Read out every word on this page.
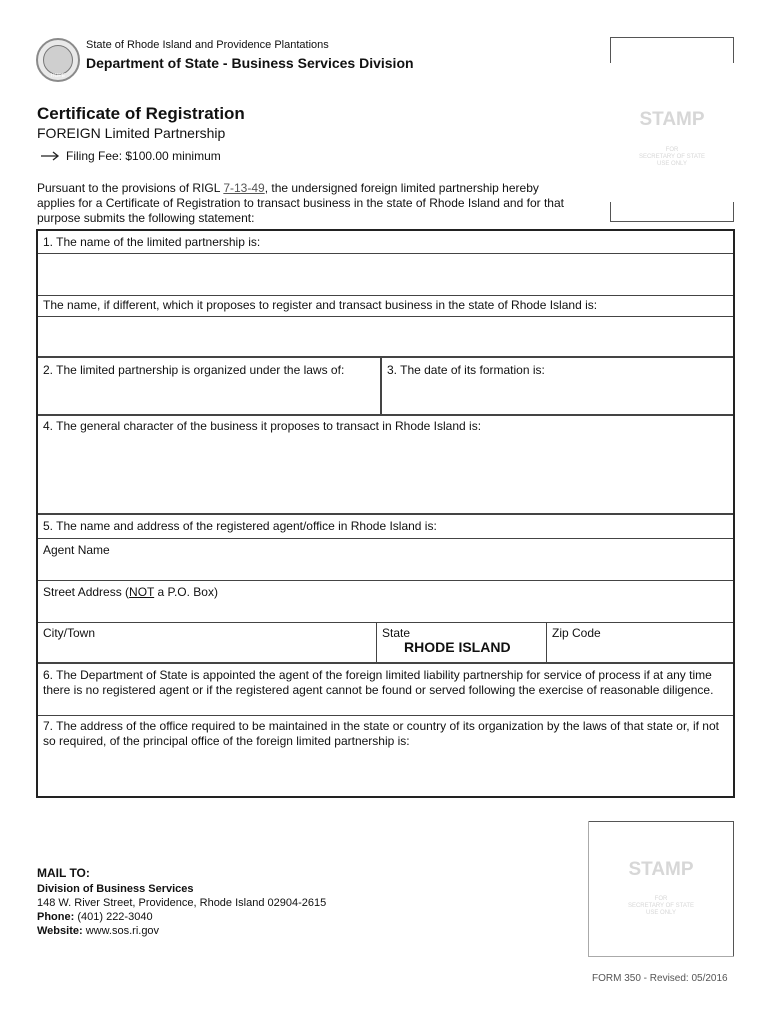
HOPE
State of Rhode Island and Providence Plantations
Department of State - Business Services Division
STAMP
FOR
SECRETARY OF STATE
USE ONLY
Certificate of Registration
FOREIGN Limited Partnership
Filing Fee: $100.00 minimum
Pursuant to the provisions of RIGL 7-13-49, the undersigned foreign limited partnership hereby applies for a Certificate of Registration to transact business in the state of Rhode Island and for that purpose submits the following statement:
1. The name of the limited partnership is:
The name, if different, which it proposes to register and transact business in the state of Rhode Island is:
2. The limited partnership is organized under the laws of:	3. The date of its formation is:
4. The general character of the business it proposes to transact in Rhode Island is:
5. The name and address of the registered agent/office in Rhode Island is:
Agent Name
Street Address (NOT a P.O. Box)
City/Town	State
RHODE ISLAND
Zip Code
6. The Department of State is appointed the agent of the foreign limited liability partnership for service of process if at any time there is no registered agent or if the registered agent cannot be found or served following the exercise of reasonable diligence.
7. The address of the office required to be maintained in the state or country of its organization by the laws of that state or, if not so required, of the principal office of the foreign limited partnership is:
STAMP
FOR
SECRETARY OF STATE
USE ONLY
MAIL TO:
Division of Business Services
148 W. River Street, Providence, Rhode Island 02904-2615
Phone: (401) 222-3040
Website: www.sos.ri.gov
FORM 350 - Revised: 05/2016
